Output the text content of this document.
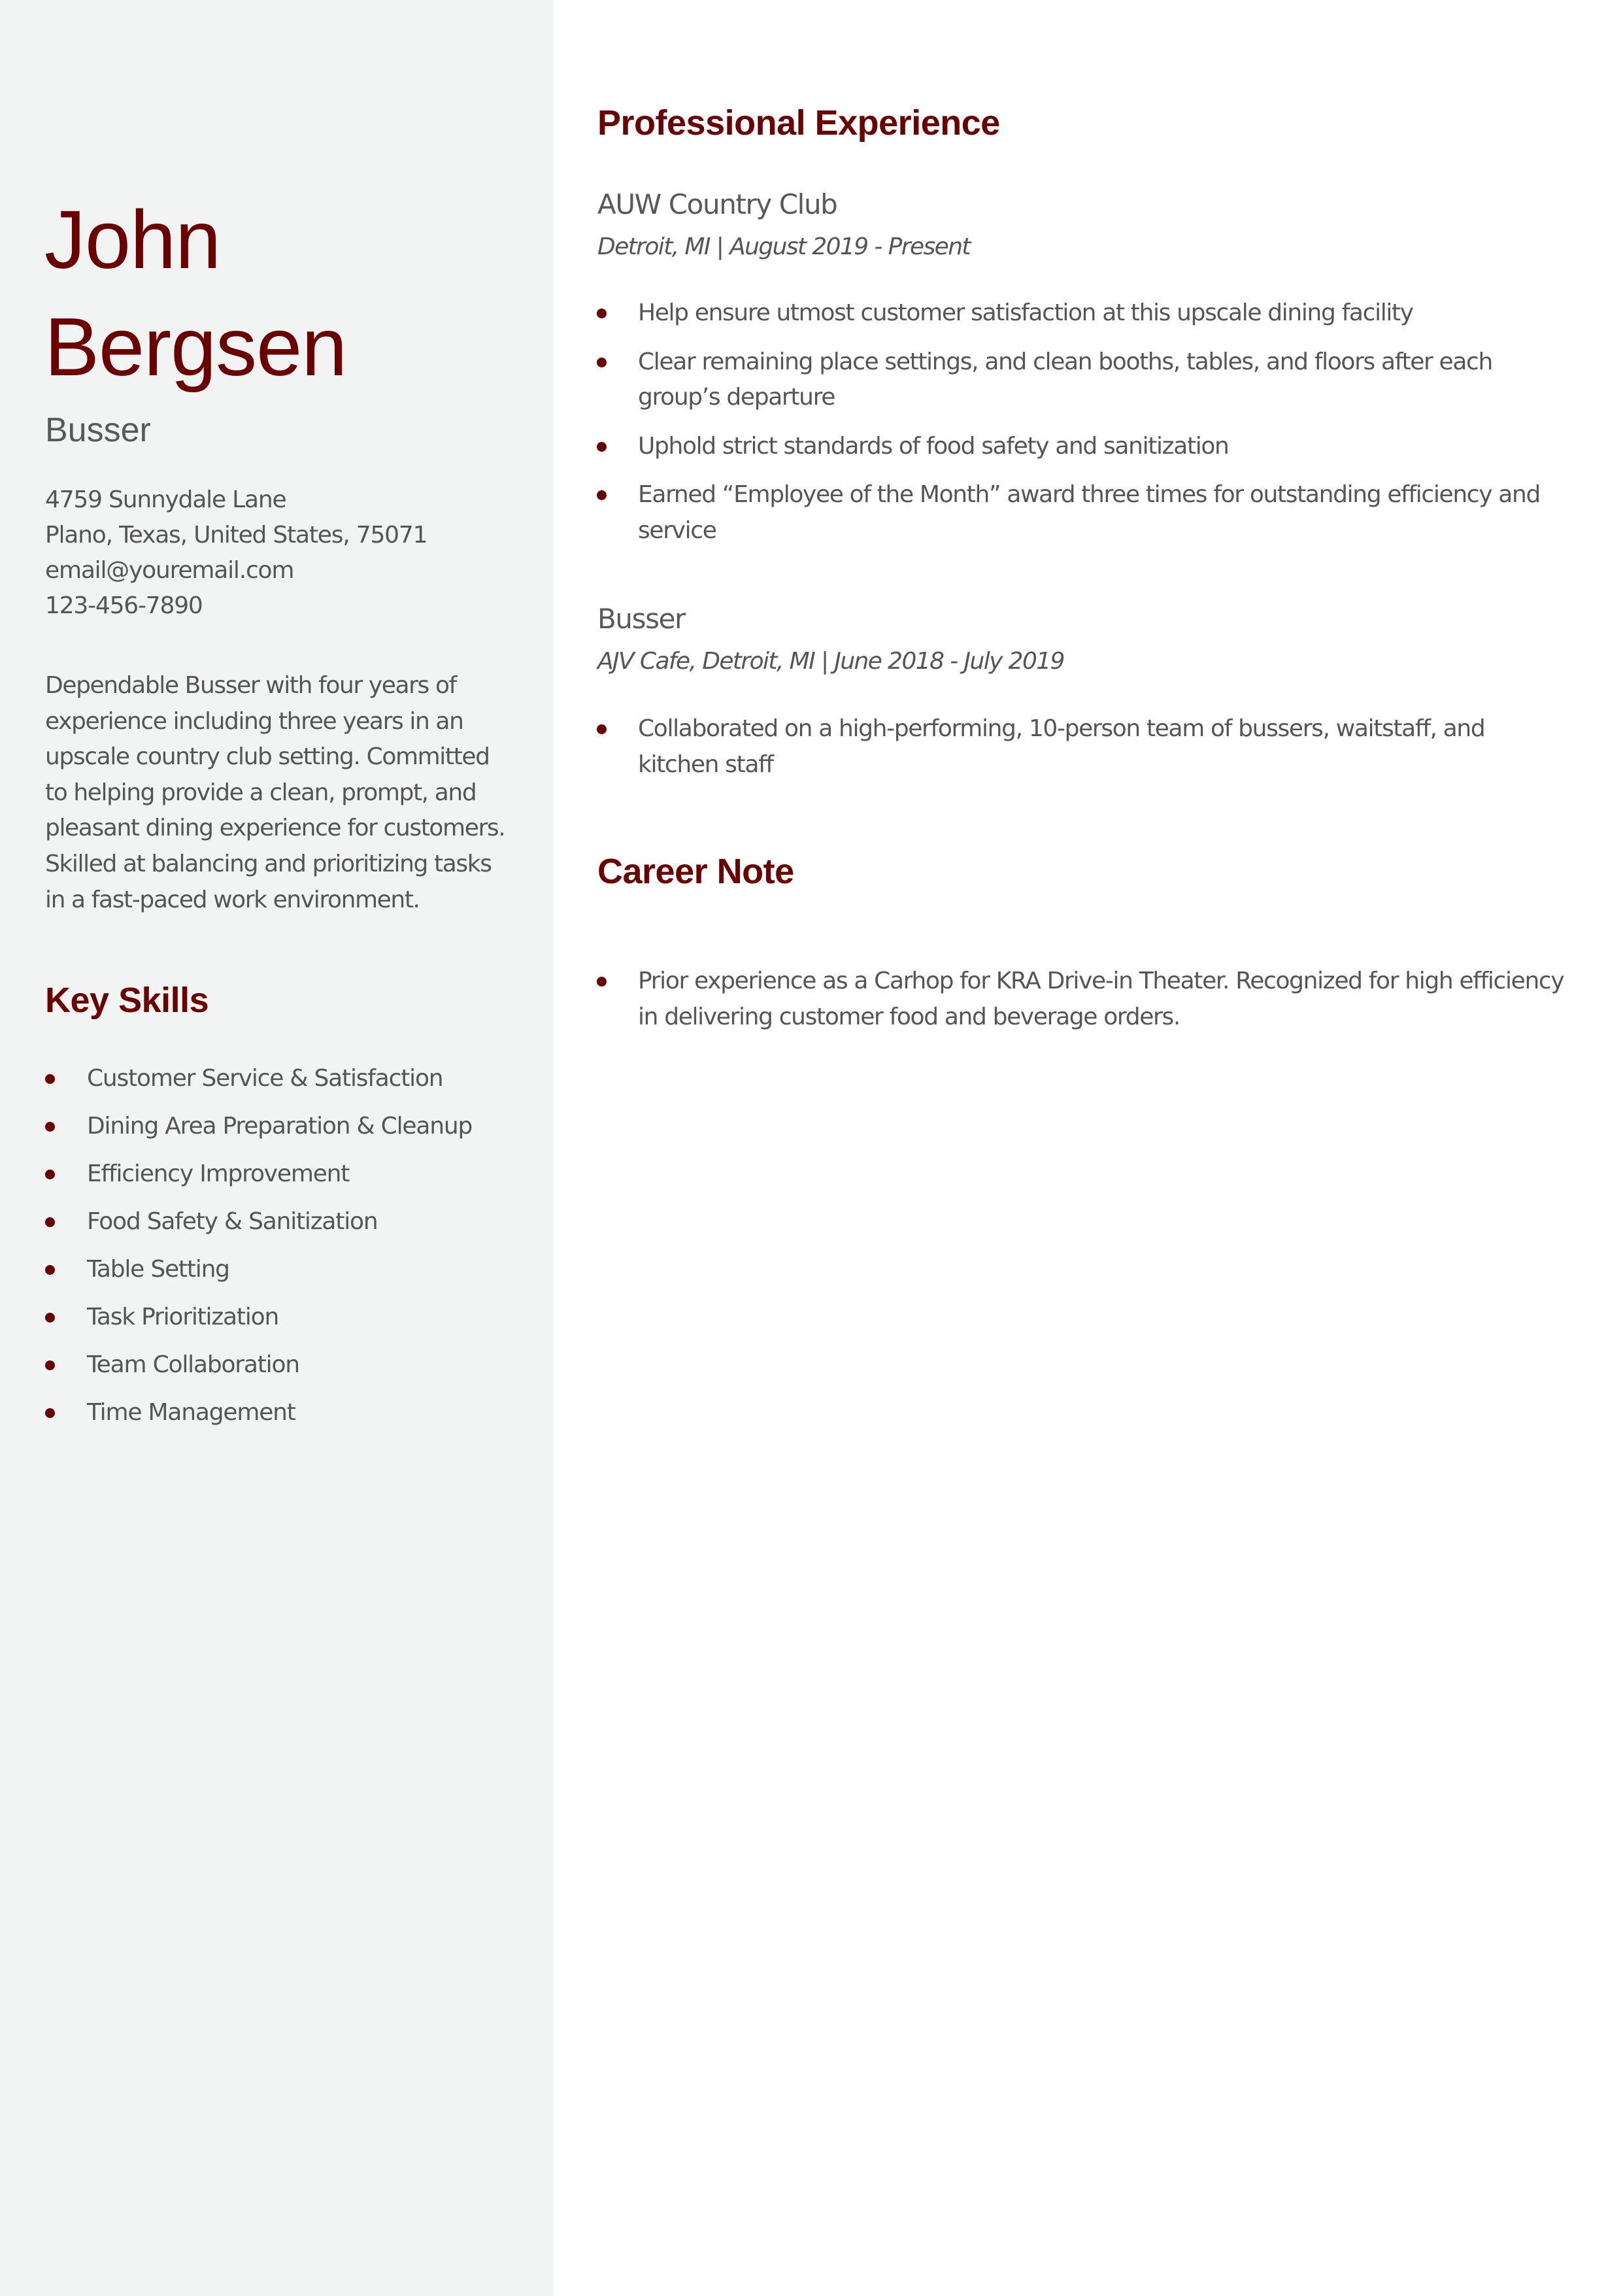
John
Bergsen
Busser
4759 Sunnydale Lane
Plano, Texas, United States, 75071
email@youremail.com
123-456-7890

Dependable Busser with four years of experience including three years in an upscale country club setting. Committed to helping provide a clean, prompt, and pleasant dining experience for customers. Skilled at balancing and prioritizing tasks in a fast-paced work environment.

Key Skills
Customer Service & Satisfaction
Dining Area Preparation & Cleanup
Efficiency Improvement
Food Safety & Sanitization
Table Setting
Task Prioritization
Team Collaboration
Time Management
Professional Experience
AUW Country Club
Detroit, MI | August 2019 - Present
Help ensure utmost customer satisfaction at this upscale dining facility
Clear remaining place settings, and clean booths, tables, and floors after each group’s departure
Uphold strict standards of food safety and sanitization
Earned “Employee of the Month” award three times for outstanding efficiency and service
Busser
AJV Cafe, Detroit, MI | June 2018 - July 2019
Collaborated on a high-performing, 10-person team of bussers, waitstaff, and kitchen staff
Career Note
Prior experience as a Carhop for KRA Drive-in Theater. Recognized for high efficiency in delivering customer food and beverage orders.
